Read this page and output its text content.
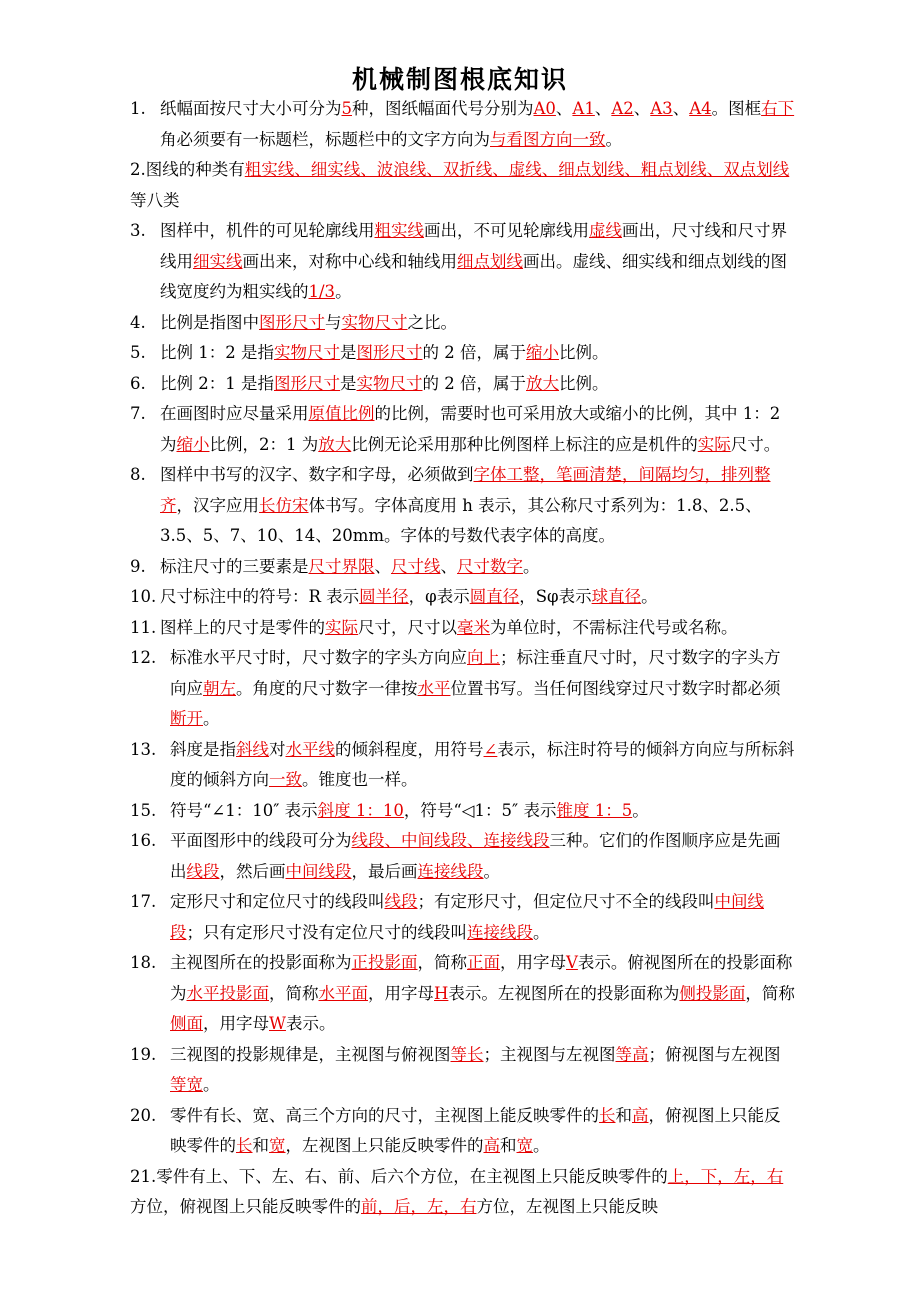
机械制图根底知识
1. 纸幅面按尺寸大小可分为5种，图纸幅面代号分别为A0、A1、A2、A3、A4。图框右下角必须要有一标题栏，标题栏中的文字方向为与看图方向一致。
2.图线的种类有粗实线、细实线、波浪线、双折线、虚线、细点划线、粗点划线、双点划线等八类
3. 图样中，机件的可见轮廓线用粗实线画出，不可见轮廓线用虚线画出，尺寸线和尺寸界线用细实线画出来，对称中心线和轴线用细点划线画出。虚线、细实线和细点划线的图线宽度约为粗实线的1/3。
4. 比例是指图中图形尺寸与实物尺寸之比。
5. 比例 1：2 是指实物尺寸是图形尺寸的 2 倍，属于缩小比例。
6. 比例 2：1 是指图形尺寸是实物尺寸的 2 倍，属于放大比例。
7. 在画图时应尽量采用原值比例的比例，需要时也可采用放大或缩小的比例，其中 1：2 为缩小比例，2：1 为放大比例无论采用那种比例图样上标注的应是机件的实际尺寸。
8. 图样中书写的汉字、数字和字母，必须做到字体工整，笔画清楚，间隔均匀，排列整齐，汉字应用长仿宋体书写。字体高度用 h 表示，其公称尺寸系列为：1.8、2.5、3.5、5、7、10、14、20mm。字体的号数代表字体的高度。
9. 标注尺寸的三要素是尺寸界限、尺寸线、尺寸数字。
10. 尺寸标注中的符号：R 表示圆半径，φ表示圆直径，Sφ表示球直径。
11. 图样上的尺寸是零件的实际尺寸，尺寸以毫米为单位时，不需标注代号或名称。
12. 标准水平尺寸时，尺寸数字的字头方向应向上；标注垂直尺寸时，尺寸数字的字头方向应朝左。角度的尺寸数字一律按水平位置书写。当任何图线穿过尺寸数字时都必须断开。
13. 斜度是指斜线对水平线的倾斜程度，用符号∠表示，标注时符号的倾斜方向应与所标斜度的倾斜方向一致。锥度也一样。
15. 符号“∠1：10″ 表示斜度 1：10，符号“◁1：5″ 表示锥度 1：5。
16. 平面图形中的线段可分为线段、中间线段、连接线段三种。它们的作图顺序应是先画出线段，然后画中间线段，最后画连接线段。
17. 定形尺寸和定位尺寸的线段叫线段；有定形尺寸，但定位尺寸不全的线段叫中间线段；只有定形尺寸没有定位尺寸的线段叫连接线段。
18. 主视图所在的投影面称为正投影面，简称正面，用字母V表示。俯视图所在的投影面称为水平投影面，简称水平面，用字母H表示。左视图所在的投影面称为侧投影面，简称侧面，用字母W表示。
19. 三视图的投影规律是，主视图与俯视图等长；主视图与左视图等高；俯视图与左视图等宽。
20. 零件有长、宽、高三个方向的尺寸，主视图上能反映零件的长和高，俯视图上只能反映零件的长和宽，左视图上只能反映零件的高和宽。
21.零件有上、下、左、右、前、后六个方位，在主视图上只能反映零件的上，下，左，右方位，俯视图上只能反映零件的前，后，左，右方位，左视图上只能反映
